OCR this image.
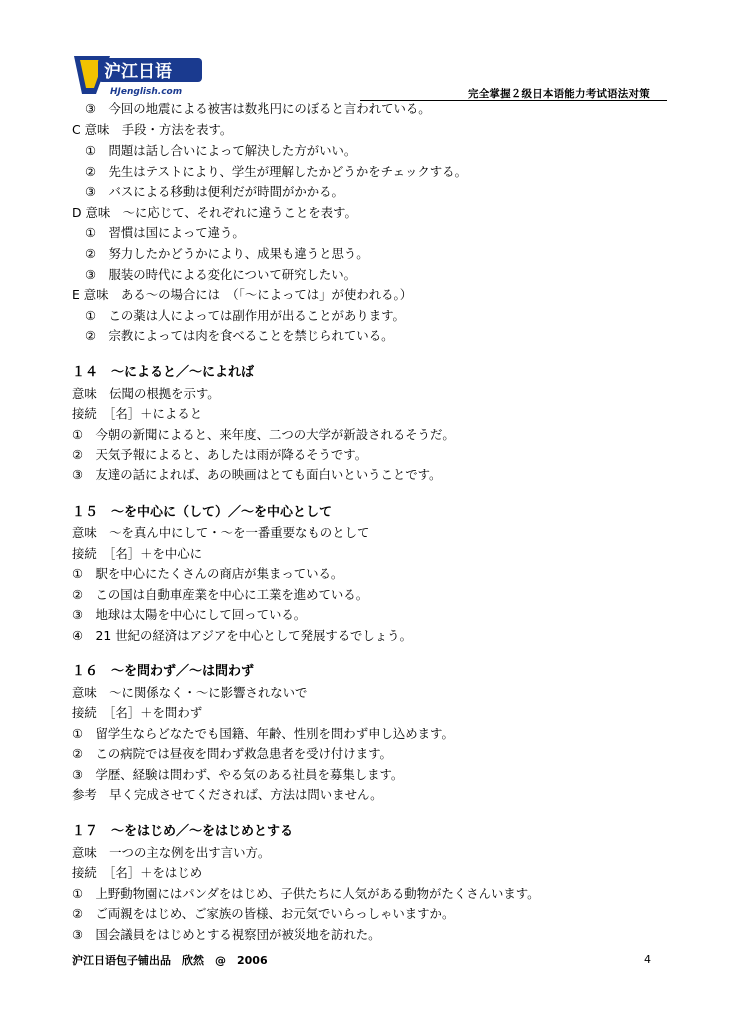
沪江日语
HJenglish.com	完全掌握２级日本语能力考试语法对策
③　今回の地震による被害は数兆円にのぼると言われている。
C 意味　手段・方法を表す。
①　問題は話し合いによって解決した方がいい。
②　先生はテストにより、学生が理解したかどうかをチェックする。
③　バスによる移動は便利だが時間がかかる。
D 意味　～に応じて、それぞれに違うことを表す。
①　習慣は国によって違う。
②　努力したかどうかにより、成果も違うと思う。
③　服装の時代による変化について研究したい。
E 意味　ある～の場合には　（「～によっては」が使われる。）
①　この薬は人によっては副作用が出ることがあります。
②　宗教によっては肉を食べることを禁じられている。
１４　～によると／～によれば
意味　伝聞の根拠を示す。
接続　［名］＋によると
①　今朝の新聞によると、来年度、二つの大学が新設されるそうだ。
②　天気予報によると、あしたは雨が降るそうです。
③　友達の話によれば、あの映画はとても面白いということです。
１５　～を中心に（して）／～を中心として
意味　～を真ん中にして・～を一番重要なものとして
接続　［名］＋を中心に
①　駅を中心にたくさんの商店が集まっている。
②　この国は自動車産業を中心に工業を進めている。
③　地球は太陽を中心にして回っている。
④　21 世紀の経済はアジアを中心として発展するでしょう。
１６　～を問わず／～は問わず
意味　～に関係なく・～に影響されないで
接続　［名］＋を問わず
①　留学生ならどなたでも国籍、年齢、性別を問わず申し込めます。
②　この病院では昼夜を問わず救急患者を受け付けます。
③　学歴、経験は問わず、やる気のある社員を募集します。
参考　早く完成させてくだされば、方法は問いません。
１７　～をはじめ／～をはじめとする
意味　一つの主な例を出す言い方。
接続　［名］＋をはじめ
①　上野動物園にはパンダをはじめ、子供たちに人気がある動物がたくさんいます。
②　ご両親をはじめ、ご家族の皆様、お元気でいらっしゃいますか。
③　国会議員をはじめとする視察団が被災地を訪れた。
沪江日语包子铺出品　欣然　@　2006	4
